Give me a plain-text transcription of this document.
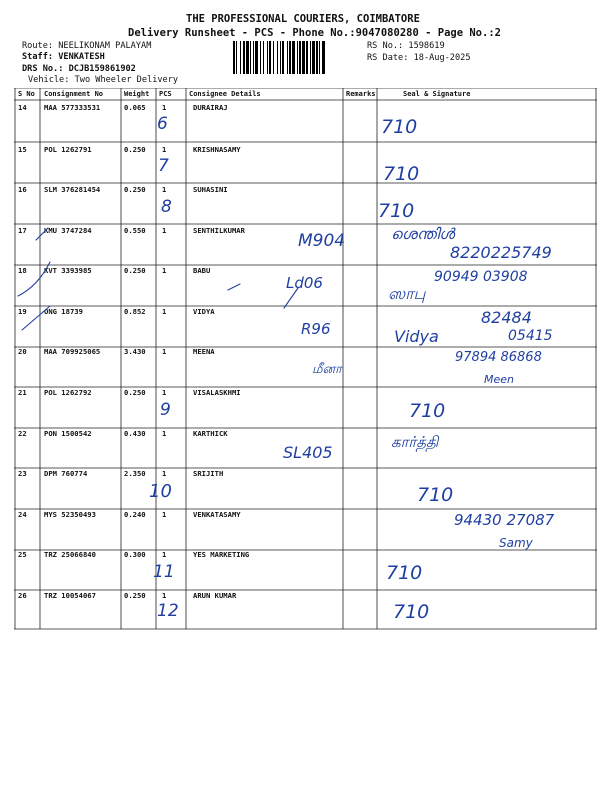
THE PROFESSIONAL COURIERS, COIMBATORE
Delivery Runsheet - PCS - Phone No.:9047080280 - Page No.:2
Route: NEELIKONAM PALAYAM
Staff: VENKATESH
DRS No.: DCJB159861902
Vehicle: Two Wheeler Delivery
RS No.: 1598619
RS Date: 18-Aug-2025
S No Consignment No	Weight PCS Consignee Details	Remarks	Seal & Signature
14 MAA 577333531	0.065 1	DURAIRAJ
15 POL 1262791	0.250 1	KRISHNASAMY
16 SLM 376281454	0.250 1	SUHASINI
17 KMU 3747284	0.550 1	SENTHILKUMAR
18 KVT 3393985	0.250 1	BABU
19 ONG 18739	0.852 1	VIDYA
20 MAA 709925065	3.430 1	MEENA
21 POL 1262792	0.250 1	VISALASKHMI
22 PON 1500542	0.430 1	KARTHICK
23 DPM 760774	2.350 1	SRIJITH
24 MYS 52350493	0.240 1	VENKATASAMY
25 TRZ 25066840	0.300 1	YES MARKETING
26 TRZ 10054067	0.250 1	ARUN KUMAR
6
7
8
9
10
11
12
710
710
710
M904	ശെന്തിൾ
8220225749
Ld06
ஸாபு
90949 03908
R96	Vidya
82484
05415
மீனா
97894 86868
Meen
710
SL405
கார்த்தி
710
94430 27087
Samy
710
710
